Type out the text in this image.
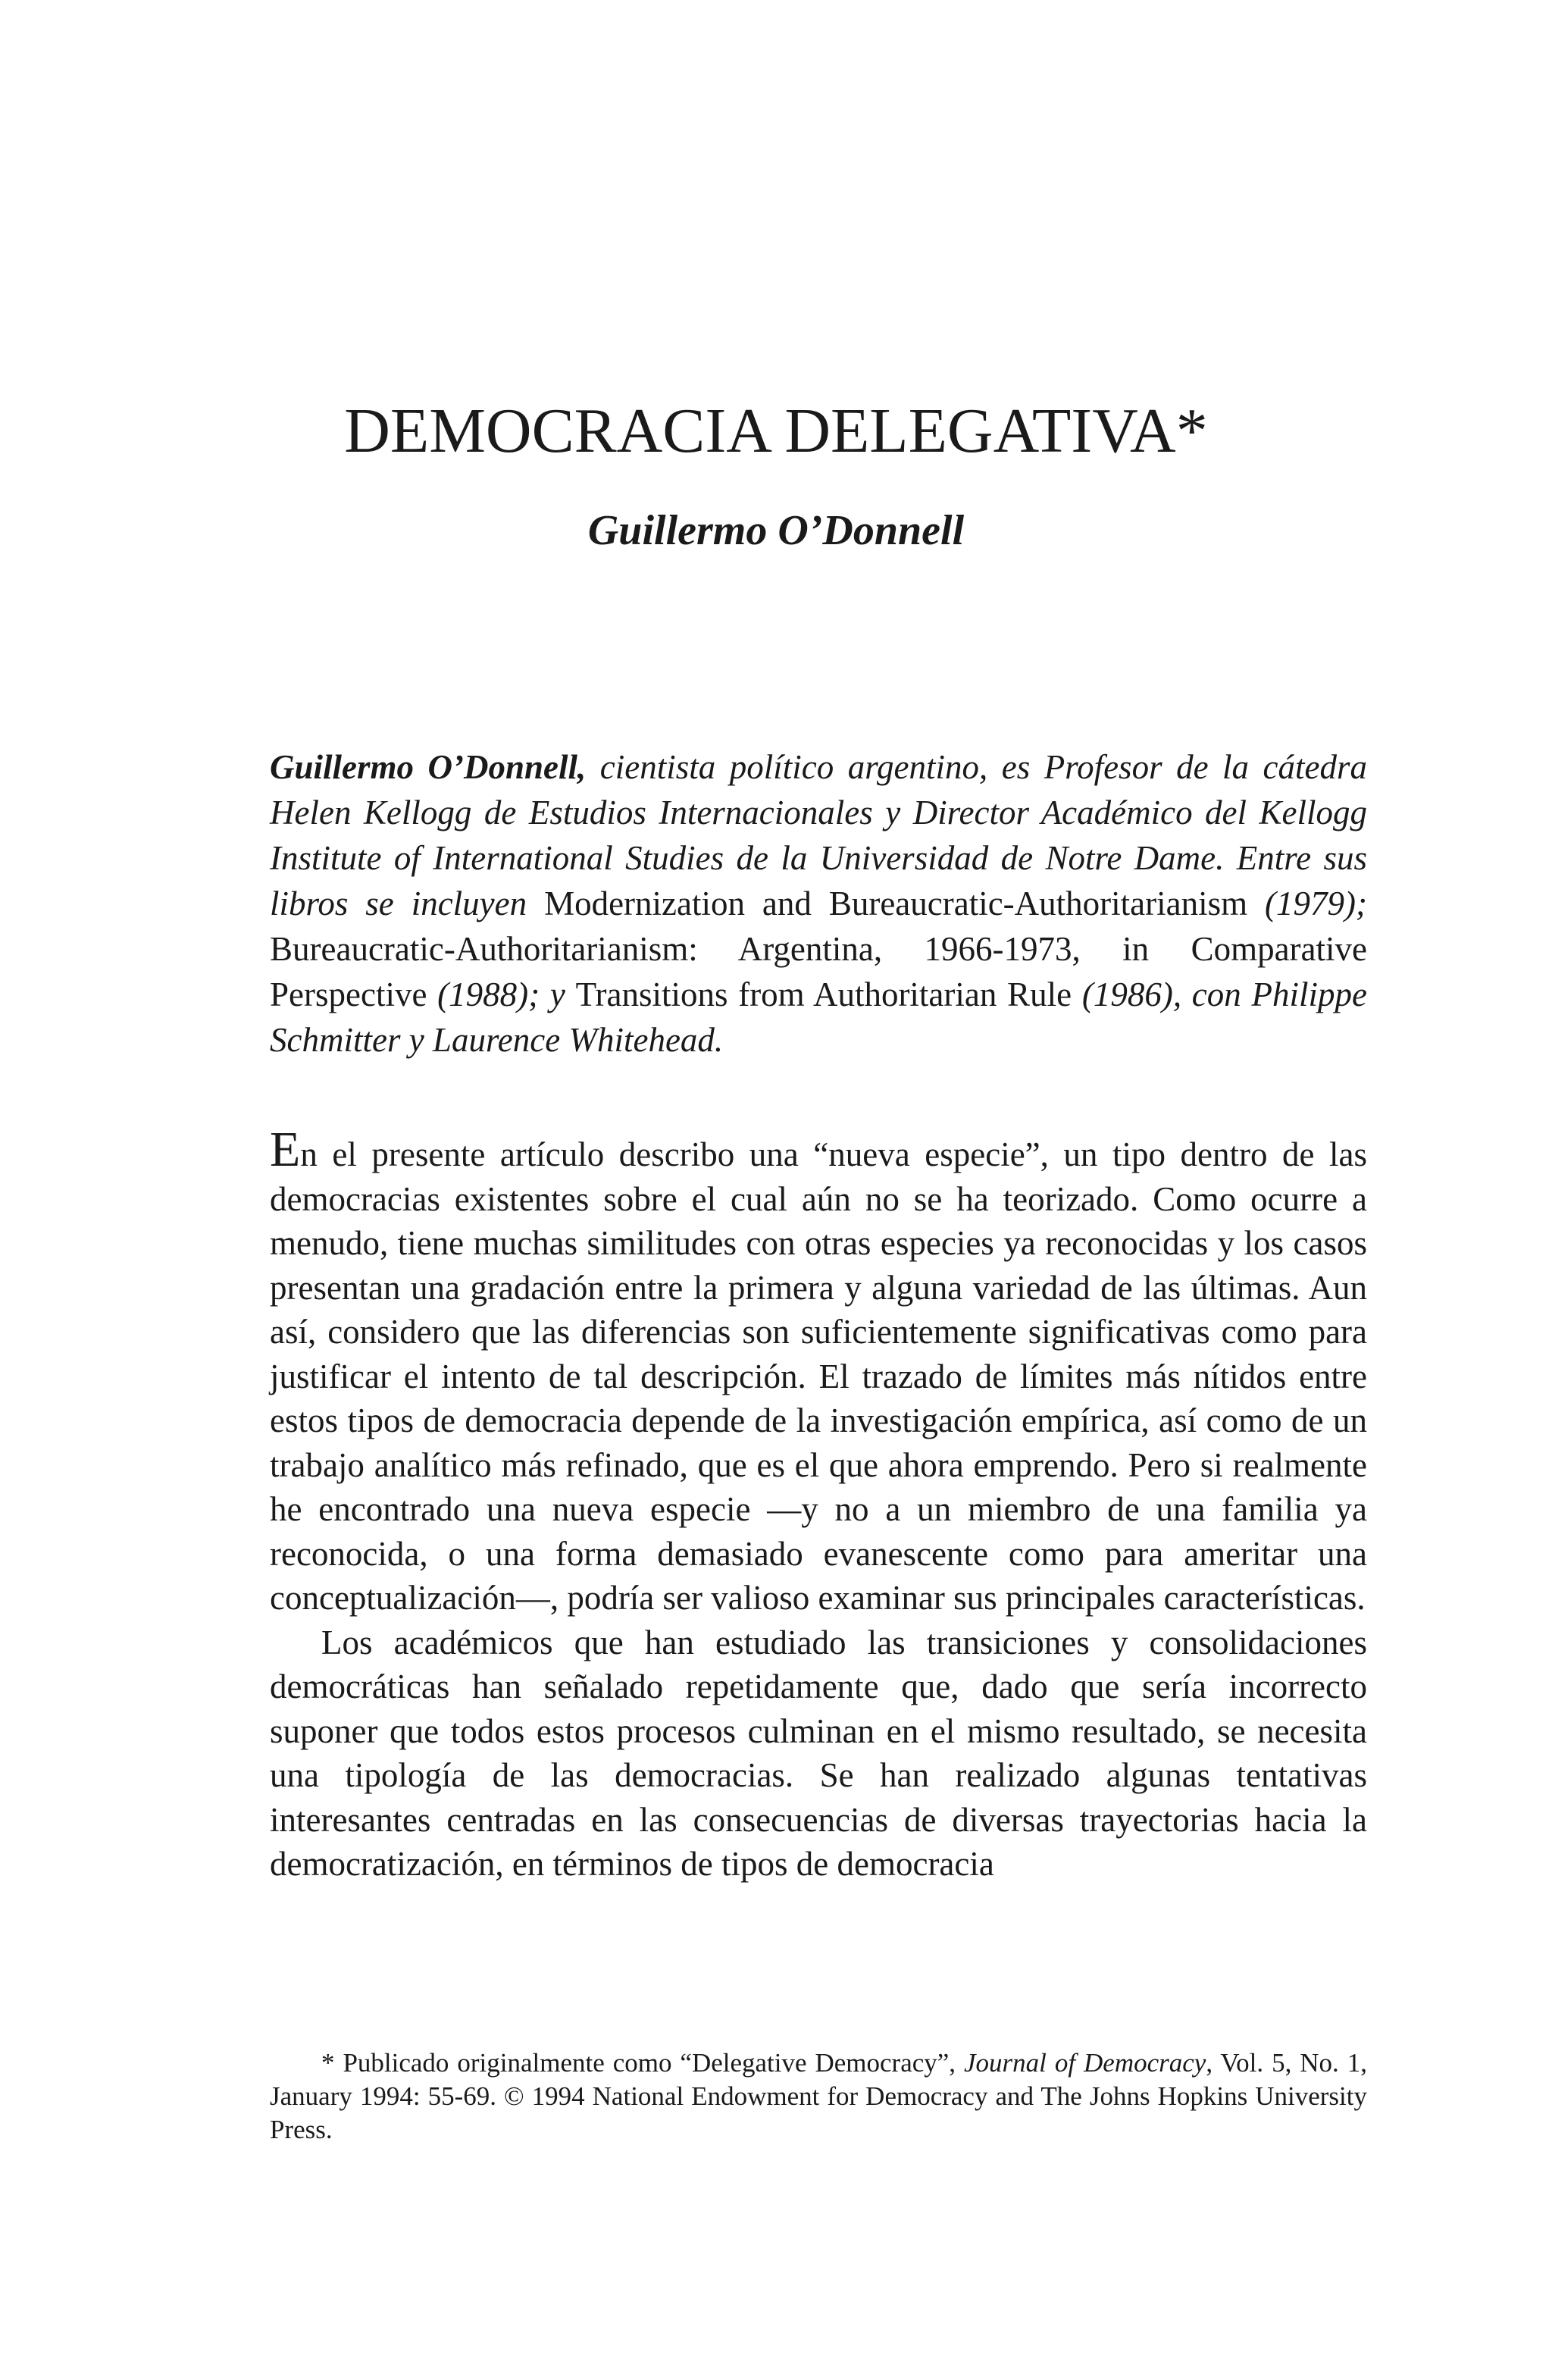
DEMOCRACIA DELEGATIVA*
Guillermo O’Donnell

Guillermo O’Donnell, cientista político argentino, es Profesor de la cátedra Helen Kellogg de Estudios Internacionales y Director Académico del Kellogg Institute of International Studies de la Universidad de Notre Dame. Entre sus libros se incluyen Modernization and Bureaucratic-Authoritarianism (1979); Bureaucratic-Authoritarianism: Argentina, 1966-1973, in Comparative Perspective (1988); y Transitions from Authoritarian Rule (1986), con Philippe Schmitter y Laurence Whitehead.

En el presente artículo describo una “nueva especie”, un tipo dentro de las democracias existentes sobre el cual aún no se ha teorizado. Como ocurre a menudo, tiene muchas similitudes con otras especies ya reconocidas y los casos presentan una gradación entre la primera y alguna variedad de las últimas. Aun así, considero que las diferencias son suficientemente significativas como para justificar el intento de tal descripción. El trazado de límites más nítidos entre estos tipos de democracia depende de la investigación empírica, así como de un trabajo analítico más refinado, que es el que ahora emprendo. Pero si realmente he encontrado una nueva especie —y no a un miembro de una familia ya reconocida, o una forma demasiado evanescente como para ameritar una conceptualización—, podría ser valioso examinar sus principales características.

Los académicos que han estudiado las transiciones y consolidaciones democráticas han señalado repetidamente que, dado que sería incorrecto suponer que todos estos procesos culminan en el mismo resultado, se necesita una tipología de las democracias. Se han realizado algunas tentativas interesantes centradas en las consecuencias de diversas trayectorias hacia la democratización, en términos de tipos de democracia

* Publicado originalmente como “Delegative Democracy”, Journal of Democracy, Vol. 5, No. 1, January 1994: 55-69. © 1994 National Endowment for Democracy and The Johns Hopkins University Press.
